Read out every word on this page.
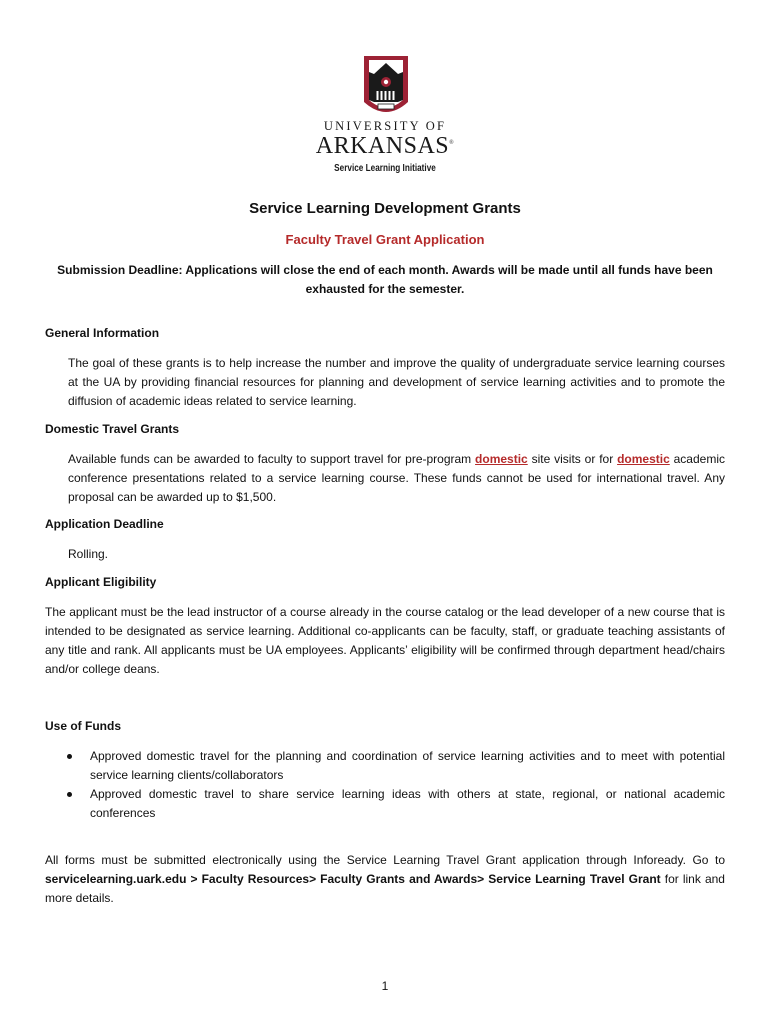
UNIVERSITY OF
ARKANSAS®
Service Learning Initiative
Service Learning Development Grants
Faculty Travel Grant Application
Submission Deadline: Applications will close the end of each month. Awards will be made until all funds have been exhausted for the semester.
General Information
The goal of these grants is to help increase the number and improve the quality of undergraduate service learning courses at the UA by providing financial resources for planning and development of service learning activities and to promote the diffusion of academic ideas related to service learning.
Domestic Travel Grants
Available funds can be awarded to faculty to support travel for pre-program domestic site visits or for domestic academic conference presentations related to a service learning course. These funds cannot be used for international travel. Any proposal can be awarded up to $1,500.
Application Deadline
Rolling.
Applicant Eligibility
The applicant must be the lead instructor of a course already in the course catalog or the lead developer of a new course that is intended to be designated as service learning. Additional co-applicants can be faculty, staff, or graduate teaching assistants of any title and rank. All applicants must be UA employees. Applicants’ eligibility will be confirmed through department head/chairs and/or college deans.
Use of Funds
Approved domestic travel for the planning and coordination of service learning activities and to meet with potential service learning clients/collaborators
Approved domestic travel to share service learning ideas with others at state, regional, or national academic conferences
All forms must be submitted electronically using the Service Learning Travel Grant application through Infoready. Go to servicelearning.uark.edu > Faculty Resources> Faculty Grants and Awards> Service Learning Travel Grant for link and more details.
1
